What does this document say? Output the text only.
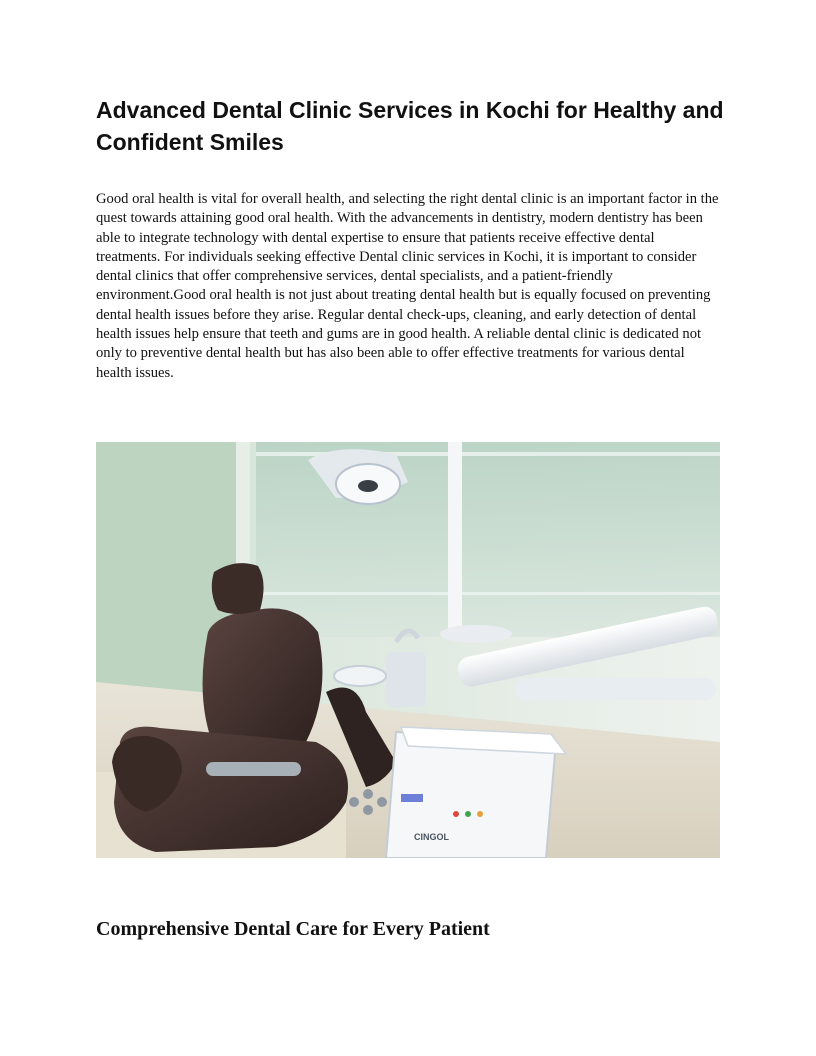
Advanced Dental Clinic Services in Kochi for Healthy and Confident Smiles

Good oral health is vital for overall health, and selecting the right dental clinic is an important factor in the quest towards attaining good oral health. With the advancements in dentistry, modern dentistry has been able to integrate technology with dental expertise to ensure that patients receive effective dental treatments. For individuals seeking effective Dental clinic services in Kochi, it is important to consider dental clinics that offer comprehensive services, dental specialists, and a patient-friendly environment.Good oral health is not just about treating dental health but is equally focused on preventing dental health issues before they arise. Regular dental check-ups, cleaning, and early detection of dental health issues help ensure that teeth and gums are in good health. A reliable dental clinic is dedicated not only to preventive dental health but has also been able to offer effective treatments for various dental health issues.

CINGOL
Comprehensive Dental Care for Every Patient
